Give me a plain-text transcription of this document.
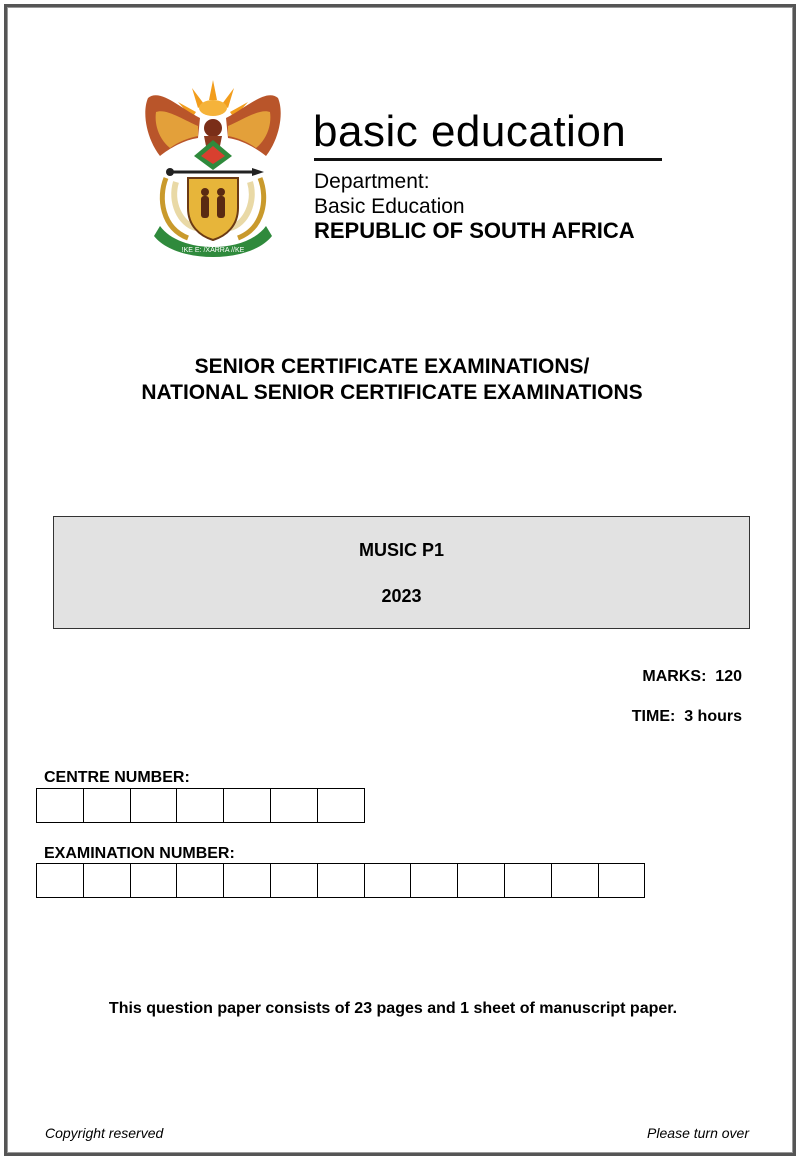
!KE E: /XARRA //KE
basic education
Department:
Basic Education
REPUBLIC OF SOUTH AFRICA
SENIOR CERTIFICATE EXAMINATIONS/
NATIONAL SENIOR CERTIFICATE EXAMINATIONS
MUSIC P1
2023
MARKS:  120
TIME:  3 hours
CENTRE NUMBER:
EXAMINATION NUMBER:
This question paper consists of 23 pages and 1 sheet of manuscript paper.
Copyright reserved	Please turn over
